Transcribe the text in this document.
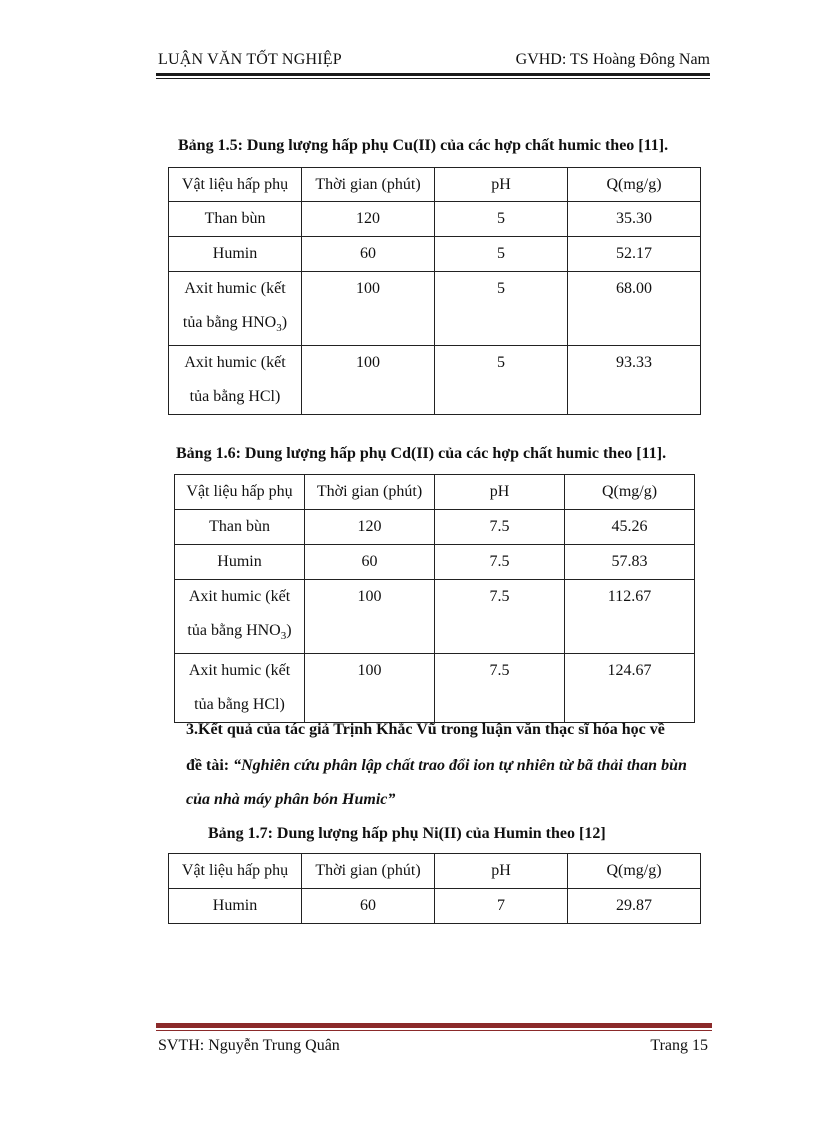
LUẬN VĂN TỐT NGHIỆP	GVHD: TS Hoàng Đông Nam
Bảng 1.5: Dung lượng hấp phụ Cu(II) của các hợp chất humic theo [11].
Vật liệu hấp phụ	Thời gian (phút)	pH	Q(mg/g)
Than bùn	120	5	35.30
Humin	60	5	52.17

Axit humic (kết
tủa bằng $HNO_3$)	100	5	68.00

Axit humic (kết
tủa bằng HCl)	100	5	93.33
Bảng 1.6: Dung lượng hấp phụ Cd(II) của các hợp chất humic theo [11].
Vật liệu hấp phụ	Thời gian (phút)	pH	Q(mg/g)
Than bùn	120	7.5	45.26
Humin	60	7.5	57.83

Axit humic (kết
tủa bằng $HNO_3$)	100	7.5	112.67

Axit humic (kết
tủa bằng HCl)	100	7.5	124.67
3.Kết quả của tác giả Trịnh Khắc Vũ trong luận văn thạc sĩ hóa học về
đề tài: “Nghiên cứu phân lập chất trao đổi ion tự nhiên từ bã thải than bùn
của nhà máy phân bón Humic”
Bảng 1.7: Dung lượng hấp phụ Ni(II) của Humin theo [12]
Vật liệu hấp phụ	Thời gian (phút)	pH	Q(mg/g)
Humin	60	7	29.87
SVTH: Nguyễn Trung Quân	Trang 15
